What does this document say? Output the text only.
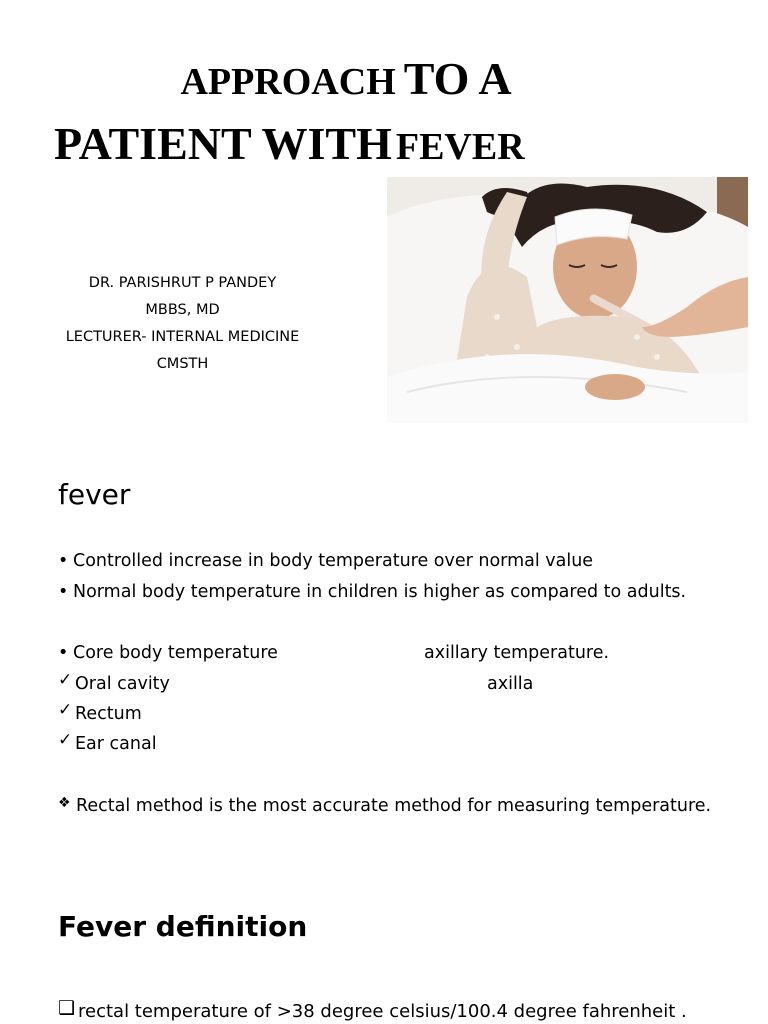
APPROACH TO A
PATIENT WITH FEVER
DR. PARISHRUT P PANDEY
MBBS, MD
LECTURER- INTERNAL MEDICINE
CMSTH
fever
• Controlled increase in body temperature over normal value
• Normal body temperature in children is higher as compared to adults.
• Core body temperature	axillary temperature.
✓ Oral cavity	axilla
✓ Rectum
✓ Ear canal
❖ Rectal method is the most accurate method for measuring temperature.
Fever definition
❑ rectal temperature of >38 degree celsius/100.4 degree fahrenheit .
